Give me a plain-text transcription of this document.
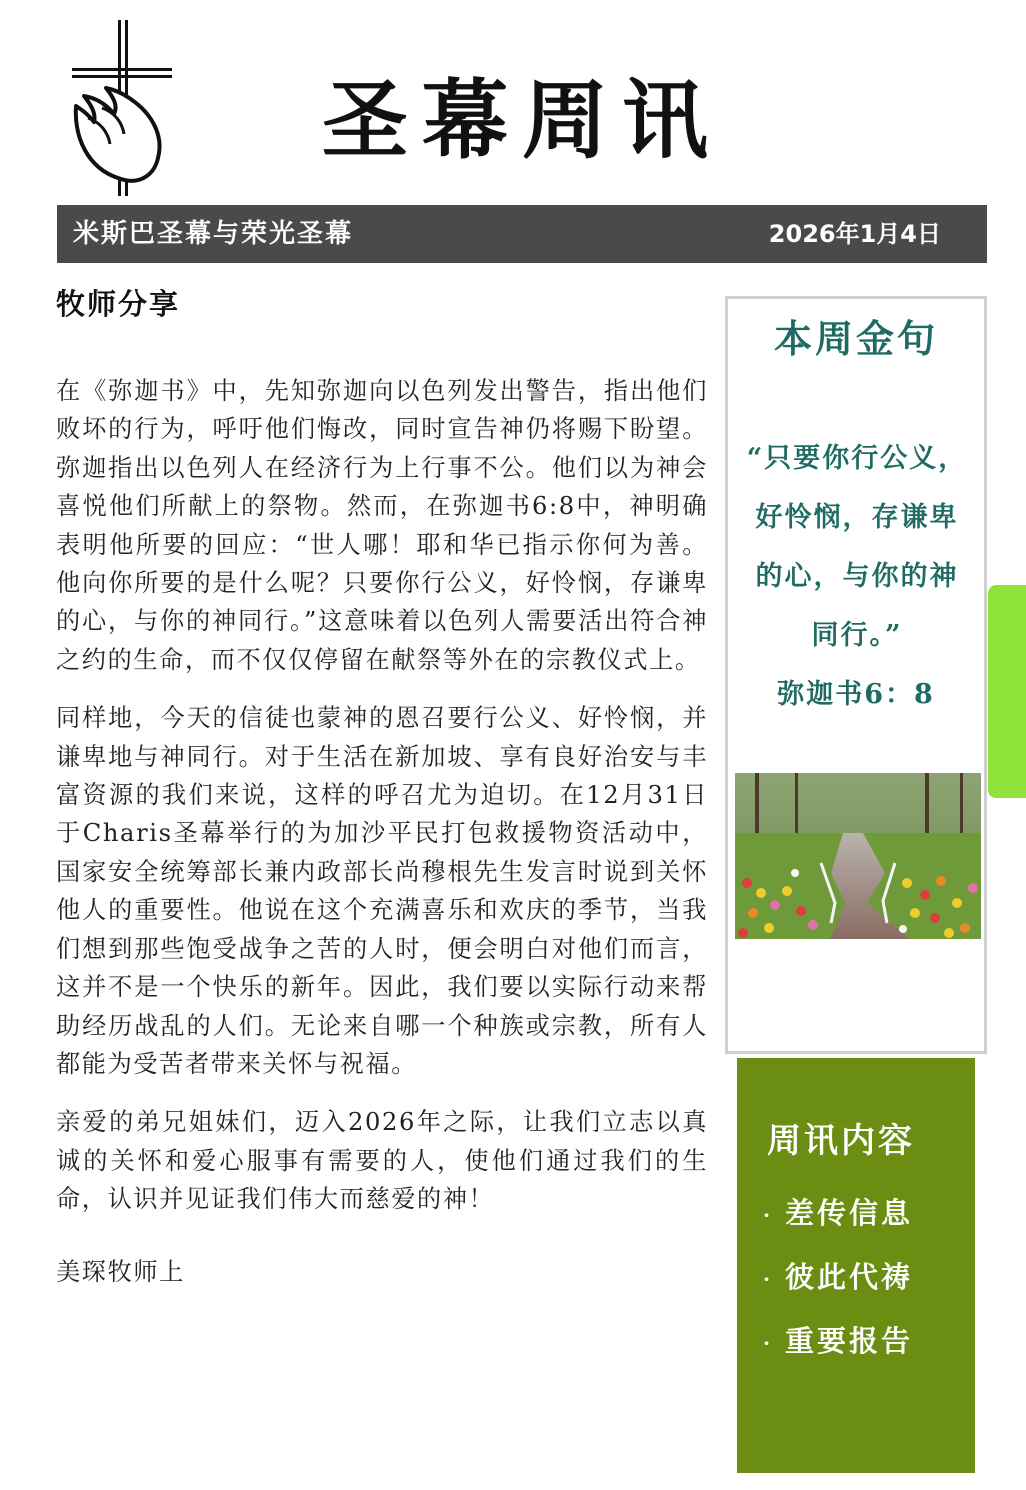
圣幕周讯
米斯巴圣幕与荣光圣幕	2026年1月4日
牧师分享

在《弥迦书》中，先知弥迦向以色列发出警告，指出他们败坏的行为，呼吁他们悔改，同时宣告神仍将赐下盼望。弥迦指出以色列人在经济行为上行事不公。他们以为神会喜悦他们所献上的祭物。然而，在弥迦书6:8中，神明确表明他所要的回应：“世人哪！耶和华已指示你何为善。他向你所要的是什么呢？只要你行公义，好怜悯，存谦卑的心，与你的神同行。”这意味着以色列人需要活出符合神之约的生命，而不仅仅停留在献祭等外在的宗教仪式上。

同样地，今天的信徒也蒙神的恩召要行公义、好怜悯，并谦卑地与神同行。对于生活在新加坡、享有良好治安与丰富资源的我们来说，这样的呼召尤为迫切。在12月31日于Charis圣幕举行的为加沙平民打包救援物资活动中，国家安全统筹部长兼内政部长尚穆根先生发言时说到关怀他人的重要性。他说在这个充满喜乐和欢庆的季节，当我们想到那些饱受战争之苦的人时，便会明白对他们而言，这并不是一个快乐的新年。因此，我们要以实际行动来帮助经历战乱的人们。无论来自哪一个种族或宗教，所有人都能为受苦者带来关怀与祝福。

亲爱的弟兄姐妹们，迈入2026年之际，让我们立志以真诚的关怀和爱心服事有需要的人，使他们通过我们的生命，认识并见证我们伟大而慈爱的神！

美琛牧师上

本周金句
“只要你行公义，好怜悯，存谦卑的心，与你的神同行。”
弥迦书6：8
周讯内容
· 差传信息
· 彼此代祷
· 重要报告
